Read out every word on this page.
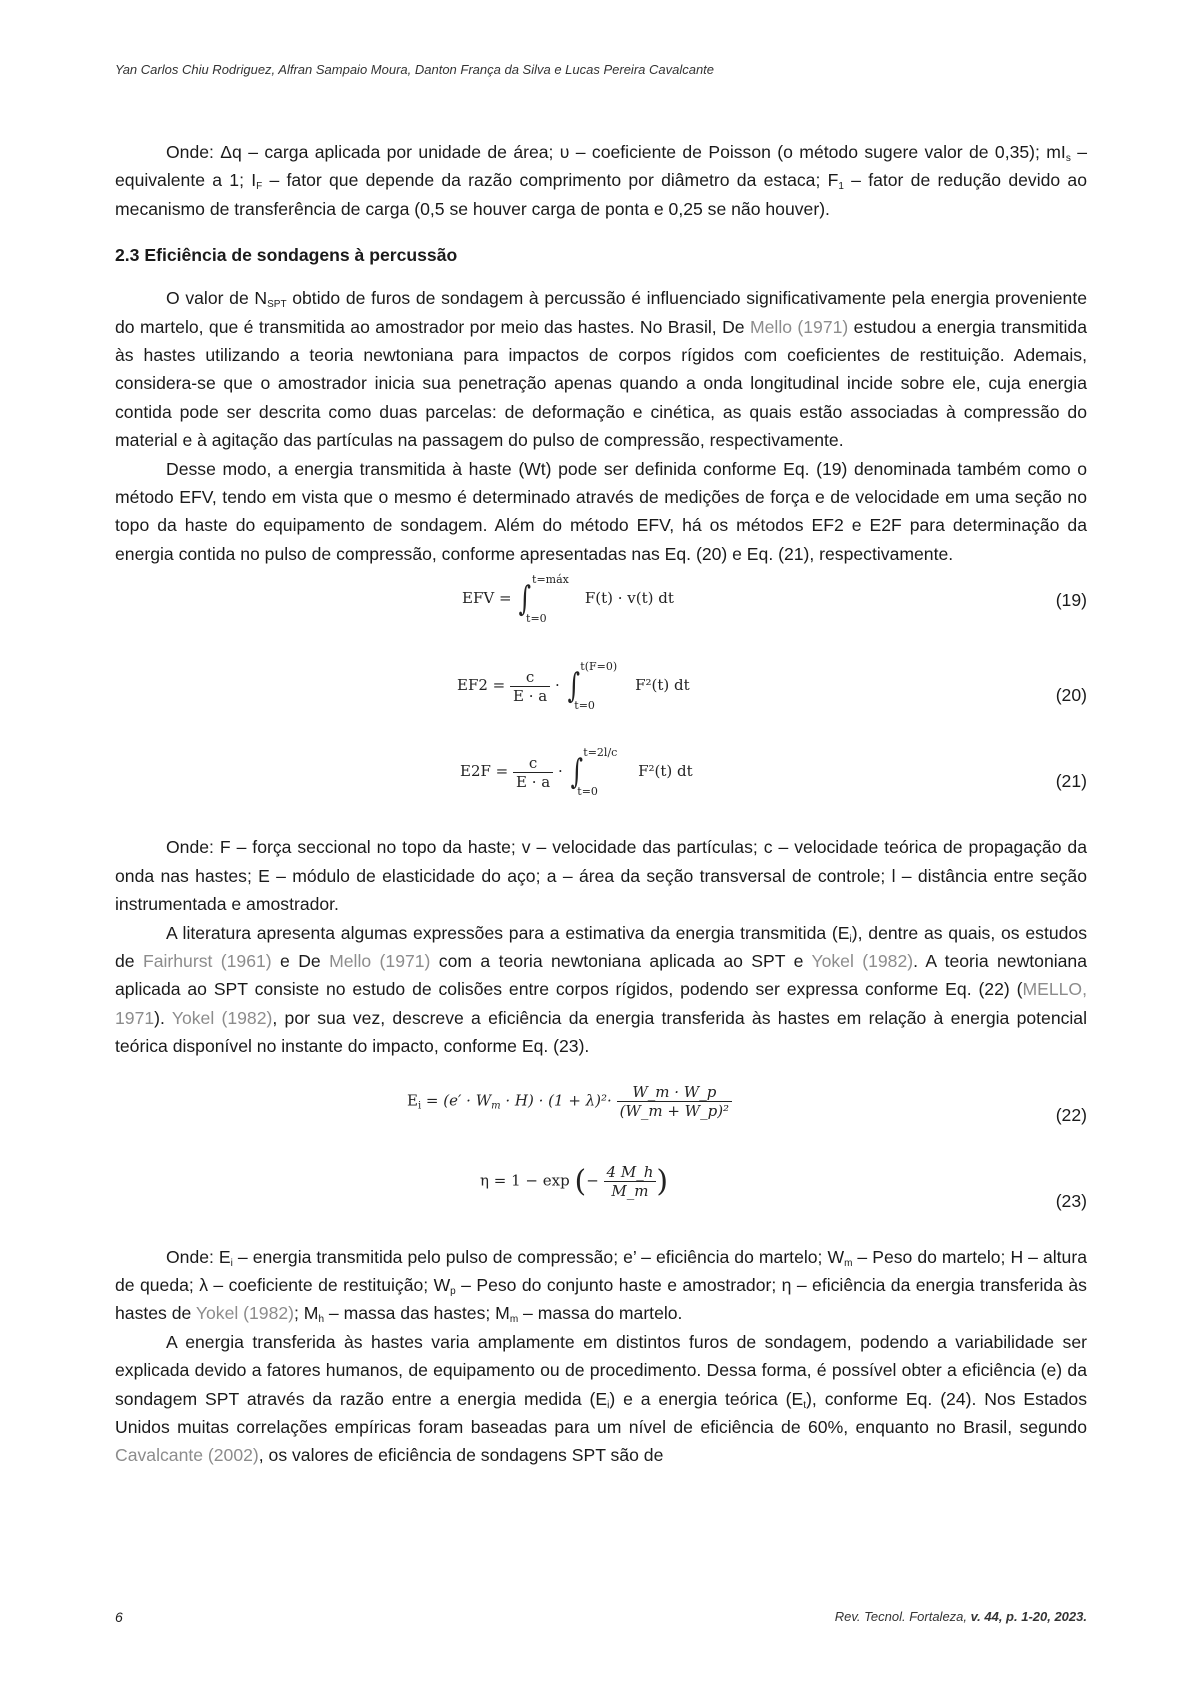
Yan Carlos Chiu Rodriguez, Alfran Sampaio Moura, Danton França da Silva e Lucas Pereira Cavalcante

Onde: Δq – carga aplicada por unidade de área; υ – coeficiente de Poisson (o método sugere valor de 0,35); $mI_s$ – equivalente a 1; $I_F$ – fator que depende da razão comprimento por diâmetro da estaca; $F_1$ – fator de redução devido ao mecanismo de transferência de carga (0,5 se houver carga de ponta e 0,25 se não houver).

2.3 Eficiência de sondagens à percussão

O valor de $N_{SPT}$ obtido de furos de sondagem à percussão é influenciado significativamente pela energia proveniente do martelo, que é transmitida ao amostrador por meio das hastes. No Brasil, De Mello (1971) estudou a energia transmitida às hastes utilizando a teoria newtoniana para impactos de corpos rígidos com coeficientes de restituição. Ademais, considera-se que o amostrador inicia sua penetração apenas quando a onda longitudinal incide sobre ele, cuja energia contida pode ser descrita como duas parcelas: de deformação e cinética, as quais estão associadas à compressão do material e à agitação das partículas na passagem do pulso de compressão, respectivamente.

Desse modo, a energia transmitida à haste (Wt) pode ser definida conforme Eq. (19) denominada também como o método EFV, tendo em vista que o mesmo é determinado através de medições de força e de velocidade em uma seção no topo da haste do equipamento de sondagem. Além do método EFV, há os métodos EF2 e E2F para determinação da energia contida no pulso de compressão, conforme apresentadas nas Eq. (20) e Eq. (21), respectivamente.

EFV = ∫ t=máx
t=0
F(t) · v(t) dt	(19)
$EF2 = \frac{c}{E \cdot a}$ · ∫ t(F=0)
t=0
F²(t) dt	(20)
$E2F = \frac{c}{E \cdot a}$ · ∫ t=2l/c
t=0
F²(t) dt	(21)

Onde: F – força seccional no topo da haste; v – velocidade das partículas; c – velocidade teórica de propagação da onda nas hastes; E – módulo de elasticidade do aço; a – área da seção transversal de controle; l – distância entre seção instrumentada e amostrador.

A literatura apresenta algumas expressões para a estimativa da energia transmitida $(E_i)$, dentre as quais, os estudos de Fairhurst (1961) e De Mello (1971) com a teoria newtoniana aplicada ao SPT e Yokel (1982). A teoria newtoniana aplicada ao SPT consiste no estudo de colisões entre corpos rígidos, podendo ser expressa conforme Eq. (22) (MELLO, 1971). Yokel (1982), por sua vez, descreve a eficiência da energia transferida às hastes em relação à energia potencial teórica disponível no instante do impacto, conforme Eq. (23).

$E_i = (e' \cdot W_m \cdot H) \cdot (1 + \lambda)^2\cdot \frac{W\_m \cdot W\_p}{\text{(W\_m + W\_p)²}}$	(22)
η = 1 − exp (− $\frac{4 M\_h}{M\_m}$ )
(23)

Onde: $E_i$ – energia transmitida pelo pulso de compressão; e’ – eficiência do martelo; $W_m$ – Peso do martelo; H – altura de queda; λ – coeficiente de restituição; $W_p$ – Peso do conjunto haste e amostrador; η – eficiência da energia transferida às hastes de Yokel (1982); $M_h$ – massa das hastes; $M_m$ – massa do martelo.

A energia transferida às hastes varia amplamente em distintos furos de sondagem, podendo a variabilidade ser explicada devido a fatores humanos, de equipamento ou de procedimento. Dessa forma, é possível obter a eficiência (e) da sondagem SPT através da razão entre a energia medida $(E_i)$ e a energia teórica $(E_t)$, conforme Eq. (24). Nos Estados Unidos muitas correlações empíricas foram baseadas para um nível de eficiência de 60%, enquanto no Brasil, segundo Cavalcante (2002), os valores de eficiência de sondagens SPT são de

6	Rev. Tecnol. Fortaleza, v. 44, p. 1-20, 2023.
